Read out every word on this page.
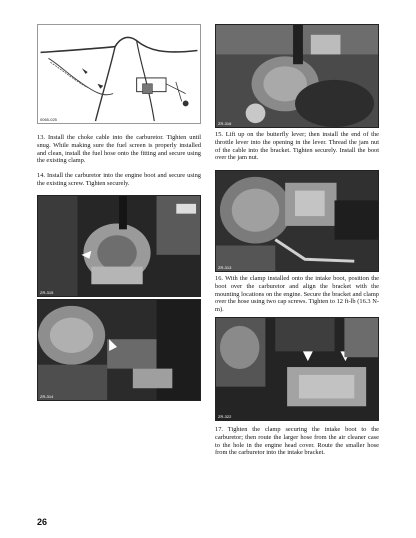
0065-025
ZR-316

13. Install the choke cable into the carburetor. Tighten until snug. While making sure the fuel screen is properly installed and clean, install the fuel hose onto the fitting and secure using the existing clamp.

14. Install the carburetor into the engine boot and secure using the existing screw. Tighten securely.

15. Lift up on the butterfly lever; then install the end of the throttle lever into the opening in the lever. Thread the jam nut of the cable into the bracket. Tighten securely. Install the boot over the jam nut.

ZR-315
ZR-313

16. With the clamp installed onto the intake boot, position the boot over the carburetor and align the bracket with the mounting locations on the engine. Secure the bracket and clamp over the hose using two cap screws. Tighten to 12 ft-lb (16.3 N-m).

ZR-314
ZR-322

17. Tighten the clamp securing the intake boot to the carburetor; then route the larger hose from the air cleaner case to the hole in the engine head cover. Route the smaller hose from the carburetor into the intake bracket.

26
